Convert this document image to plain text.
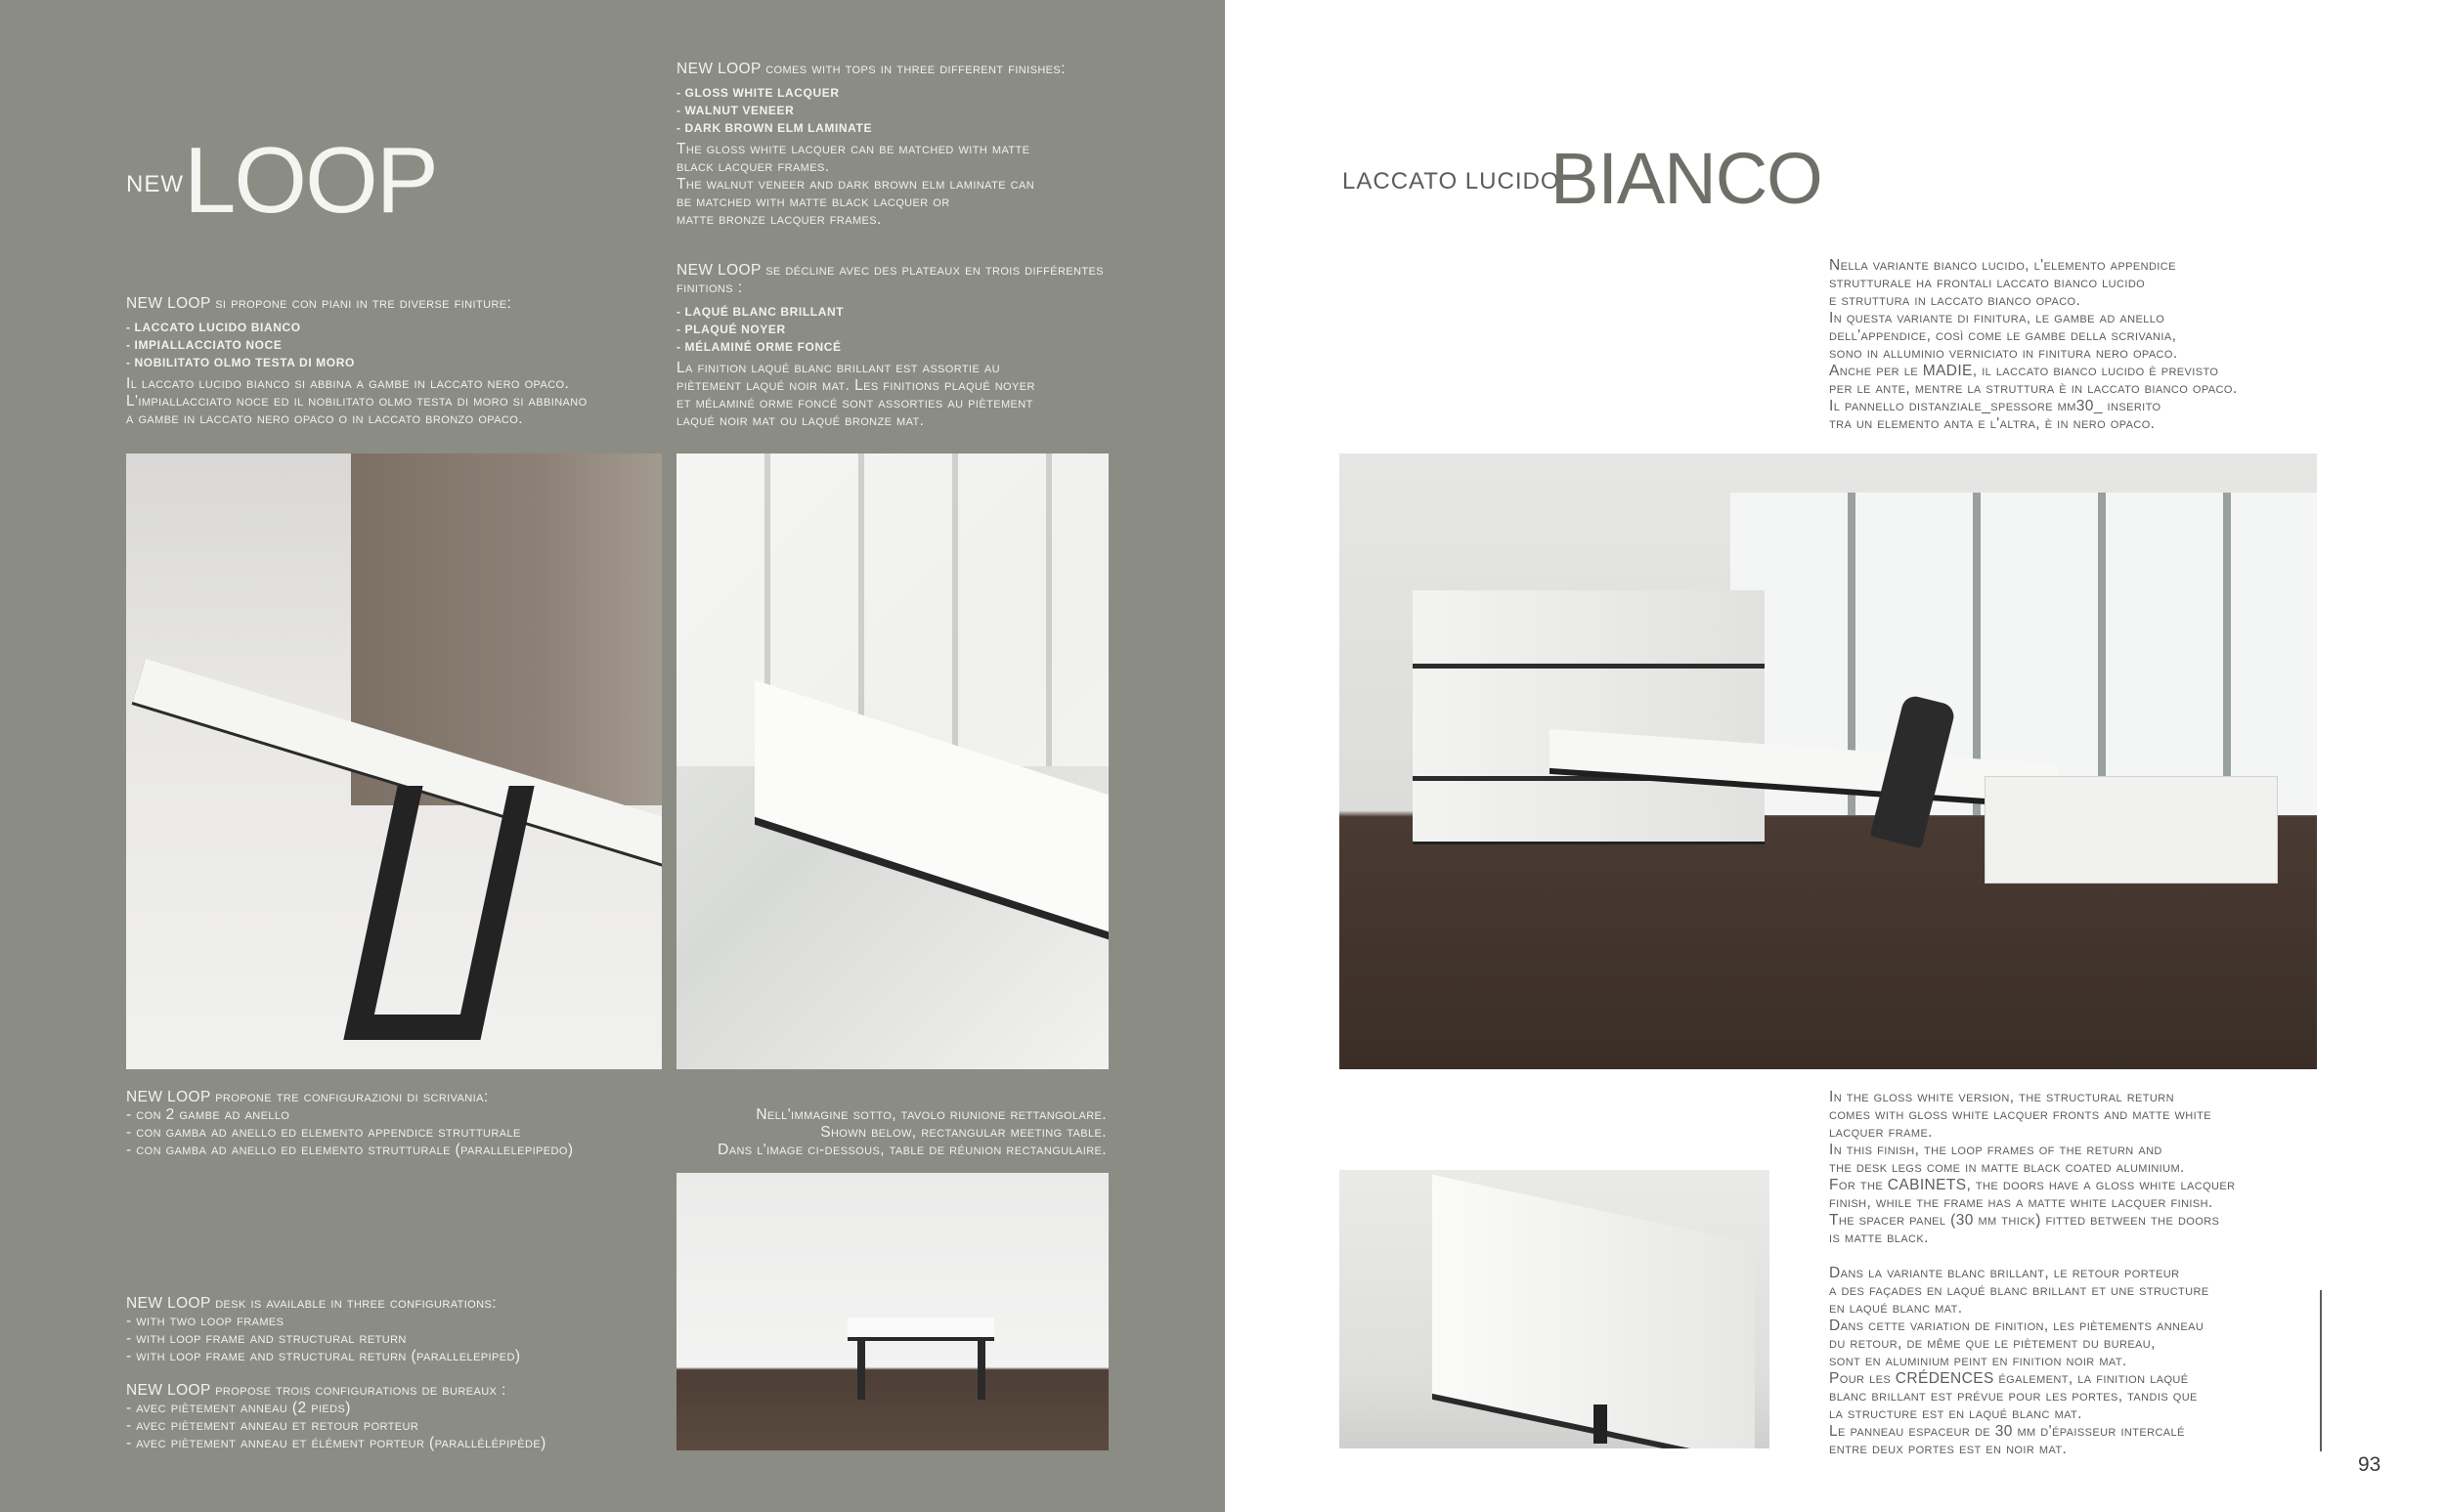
NEW LOOP
NEW LOOP comes with tops in three different finishes:
- GLOSS WHITE LACQUER
- WALNUT VENEER
- DARK BROWN ELM LAMINATE
The gloss white lacquer can be matched with matte
black lacquer frames.
The walnut veneer and dark brown elm laminate can
be matched with matte black lacquer or
matte bronze lacquer frames.
NEW LOOP se décline avec des plateaux en trois différentes finitions :
- LAQUÉ BLANC BRILLANT
- PLAQUÉ NOYER
- MÉLAMINÉ ORME FONCÉ
La finition laqué blanc brillant est assortie au
piètement laqué noir mat. Les finitions plaqué noyer
et mélaminé orme foncé sont assorties au piètement
laqué noir mat ou laqué bronze mat.
NEW LOOP si propone con piani in tre diverse finiture:
- LACCATO LUCIDO BIANCO
- IMPIALLACCIATO NOCE
- NOBILITATO OLMO TESTA DI MORO
Il laccato lucido bianco si abbina a gambe in laccato nero opaco.
L'impiallacciato noce ed il nobilitato olmo testa di moro si abbinano
a gambe in laccato nero opaco o in laccato bronzo opaco.
NEW LOOP propone tre configurazioni di scrivania:
- con 2 gambe ad anello
- con gamba ad anello ed elemento appendice strutturale
- con gamba ad anello ed elemento strutturale (parallelepipedo)
Nell'immagine sotto, tavolo riunione rettangolare.
Shown below, rectangular meeting table.
Dans l'image ci-dessous, table de réunion rectangulaire.
NEW LOOP desk is available in three configurations:
- with two loop frames
- with loop frame and structural return
- with loop frame and structural return (parallelepiped)
NEW LOOP propose trois configurations de bureaux :
- avec piètement anneau (2 pieds)
- avec piètement anneau et retour porteur
- avec piètement anneau et élément porteur (parallélépipède)
LACCATO LUCIDO
BIANCO
Nella variante bianco lucido, l'elemento appendice
strutturale ha frontali laccato bianco lucido
e struttura in laccato bianco opaco.
In questa variante di finitura, le gambe ad anello
dell'appendice, così come le gambe della scrivania,
sono in alluminio verniciato in finitura nero opaco.
Anche per le MADIE, il laccato bianco lucido è previsto
per le ante, mentre la struttura è in laccato bianco opaco.
Il pannello distanziale_spessore mm30_ inserito
tra un elemento anta e l'altra, è in nero opaco.
In the gloss white version, the structural return
comes with gloss white lacquer fronts and matte white
lacquer frame.
In this finish, the loop frames of the return and
the desk legs come in matte black coated aluminium.
For the CABINETS, the doors have a gloss white lacquer
finish, while the frame has a matte white lacquer finish.
The spacer panel (30 mm thick) fitted between the doors
is matte black.
Dans la variante blanc brillant, le retour porteur
a des façades en laqué blanc brillant et une structure
en laqué blanc mat.
Dans cette variation de finition, les piètements anneau
du retour, de même que le piètement du bureau,
sont en aluminium peint en finition noir mat.
Pour les CRÉDENCES également, la finition laqué
blanc brillant est prévue pour les portes, tandis que
la structure est en laqué blanc mat.
Le panneau espaceur de 30 mm d'épaisseur intercalé
entre deux portes est en noir mat.
93
